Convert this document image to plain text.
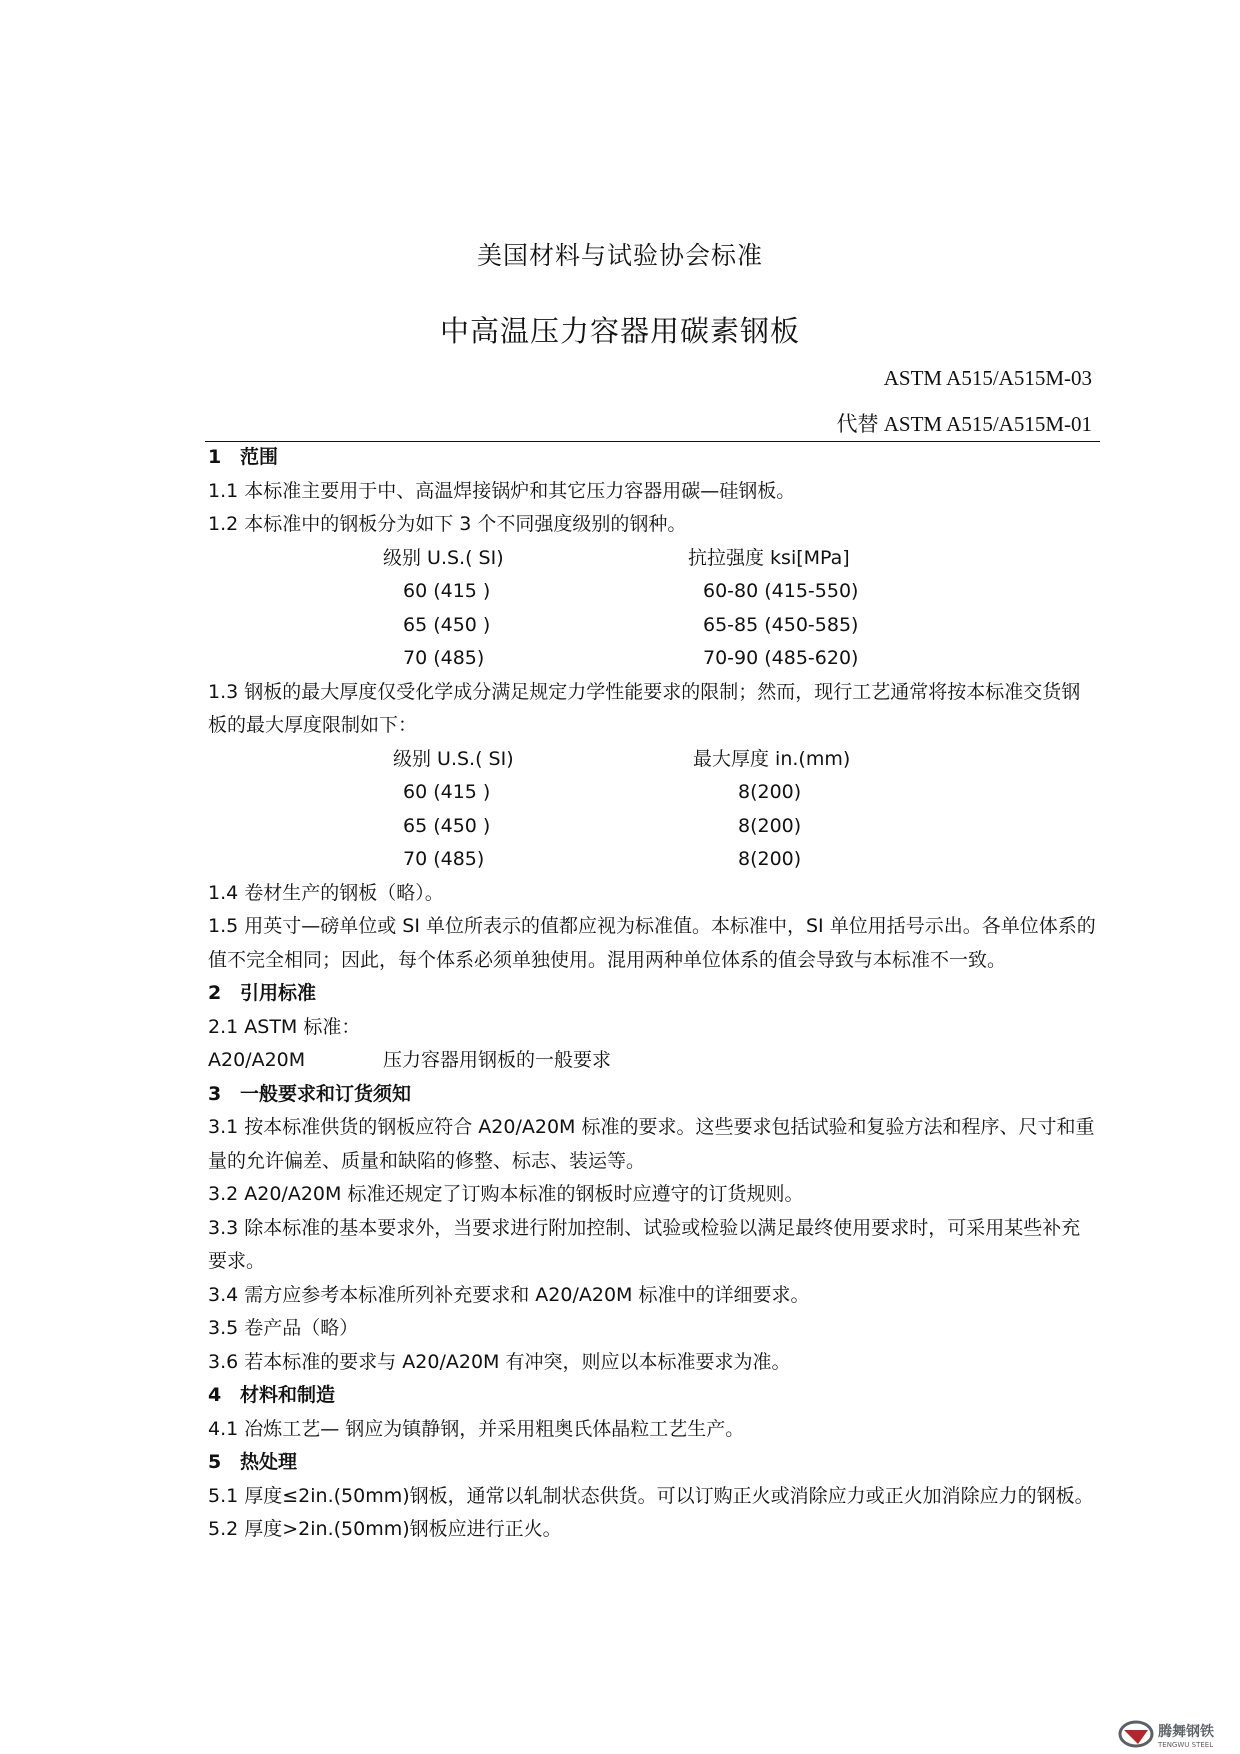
美国材料与试验协会标准
中高温压力容器用碳素钢板
ASTM A515/A515M-03
代替 ASTM A515/A515M-01
1 范围
1.1 本标准主要用于中、高温焊接锅炉和其它压力容器用碳—硅钢板。
1.2 本标准中的钢板分为如下 3 个不同强度级别的钢种。
级别 U.S.( SI)	抗拉强度 ksi[MPa]
60 (415 )	60-80 (415-550)
65 (450 )	65-85 (450-585)
70 (485)	70-90 (485-620)
1.3 钢板的最大厚度仅受化学成分满足规定力学性能要求的限制；然而，现行工艺通常将按本标准交货钢板的最大厚度限制如下：
级别 U.S.( SI)	最大厚度 in.(mm)
60 (415 )	8(200)
65 (450 )	8(200)
70 (485)	8(200)
1.4 卷材生产的钢板（略）。
1.5 用英寸—磅单位或 SI 单位所表示的值都应视为标准值。本标准中，SI 单位用括号示出。各单位体系的值不完全相同；因此，每个体系必须单独使用。混用两种单位体系的值会导致与本标准不一致。
2 引用标准
2.1 ASTM 标准：
A20/A20M	压力容器用钢板的一般要求
3 一般要求和订货须知
3.1 按本标准供货的钢板应符合 A20/A20M 标准的要求。这些要求包括试验和复验方法和程序、尺寸和重量的允许偏差、质量和缺陷的修整、标志、装运等。
3.2 A20/A20M 标准还规定了订购本标准的钢板时应遵守的订货规则。
3.3 除本标准的基本要求外，当要求进行附加控制、试验或检验以满足最终使用要求时，可采用某些补充要求。
3.4 需方应参考本标准所列补充要求和 A20/A20M 标准中的详细要求。
3.5 卷产品（略）
3.6 若本标准的要求与 A20/A20M 有冲突，则应以本标准要求为准。
4 材料和制造
4.1 冶炼工艺— 钢应为镇静钢，并采用粗奥氏体晶粒工艺生产。
5 热处理
5.1 厚度≤2in.(50mm)钢板，通常以轧制状态供货。可以订购正火或消除应力或正火加消除应力的钢板。
5.2 厚度>2in.(50mm)钢板应进行正火。
腾舞钢铁
TENGWU STEEL
